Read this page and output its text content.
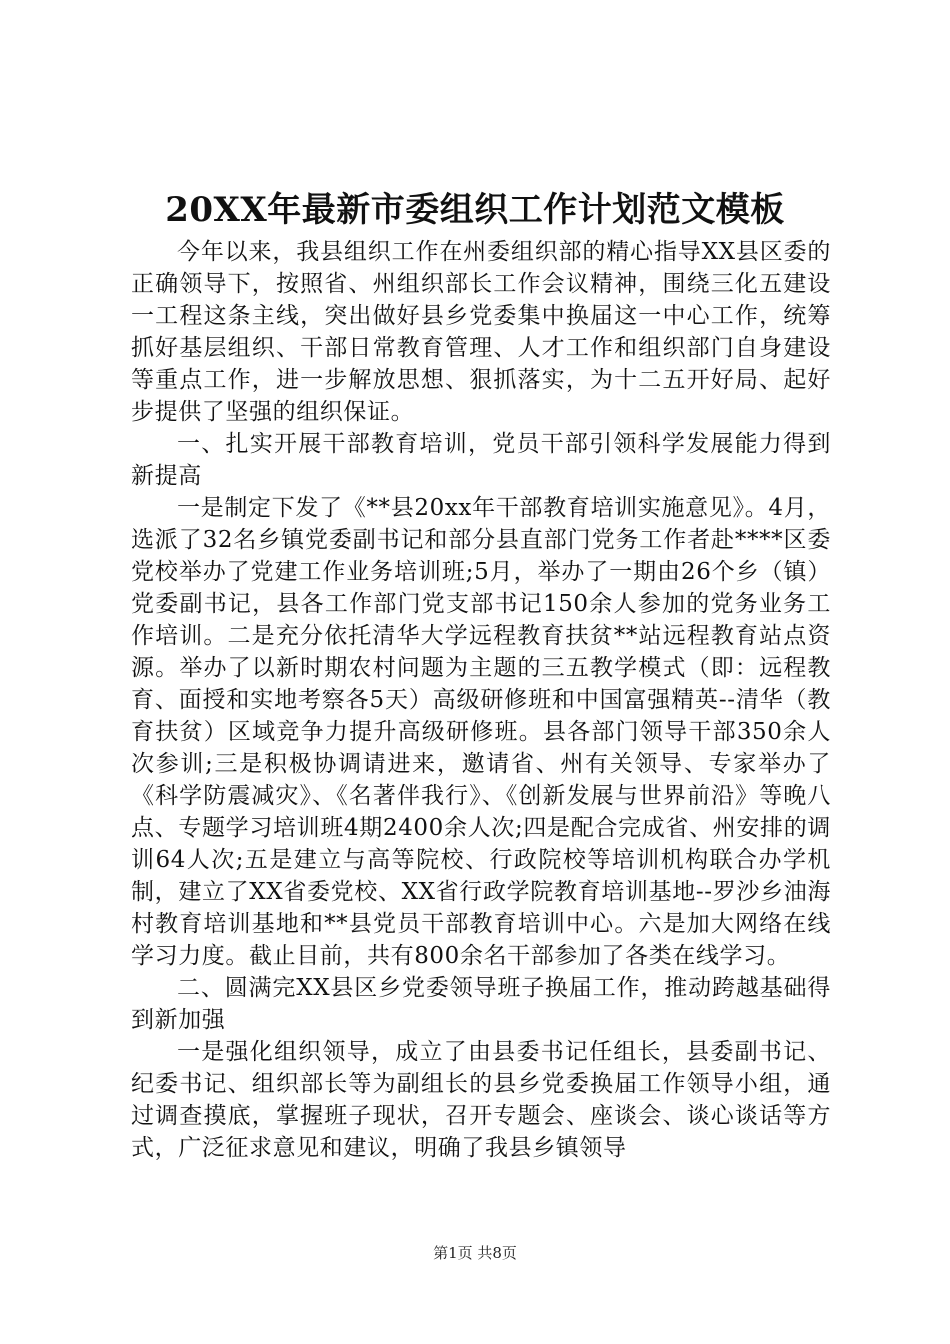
20XX年最新市委组织工作计划范文模板

今年以来，我县组织工作在州委组织部的精心指导XX县区委的正确领导下，按照省、州组织部长工作会议精神，围绕三化五建设一工程这条主线，突出做好县乡党委集中换届这一中心工作，统筹抓好基层组织、干部日常教育管理、人才工作和组织部门自身建设等重点工作，进一步解放思想、狠抓落实，为十二五开好局、起好步提供了坚强的组织保证。

一、扎实开展干部教育培训，党员干部引领科学发展能力得到新提高

一是制定下发了《**县20xx年干部教育培训实施意见》。4月，选派了32名乡镇党委副书记和部分县直部门党务工作者赴****区委党校举办了党建工作业务培训班;5月，举办了一期由26个乡（镇）党委副书记，县各工作部门党支部书记150余人参加的党务业务工作培训。二是充分依托清华大学远程教育扶贫**站远程教育站点资源。举办了以新时期农村问题为主题的三五教学模式（即：远程教育、面授和实地考察各5天）高级研修班和中国富强精英--清华（教育扶贫）区域竞争力提升高级研修班。县各部门领导干部350余人次参训;三是积极协调请进来，邀请省、州有关领导、专家举办了《科学防震减灾》、《名著伴我行》、《创新发展与世界前沿》等晚八点、专题学习培训班4期2400余人次;四是配合完成省、州安排的调训64人次;五是建立与高等院校、行政院校等培训机构联合办学机制，建立了XX省委党校、XX省行政学院教育培训基地--罗沙乡油海村教育培训基地和**县党员干部教育培训中心。六是加大网络在线学习力度。截止目前，共有800余名干部参加了各类在线学习。

二、圆满完XX县区乡党委领导班子换届工作，推动跨越基础得到新加强

一是强化组织领导，成立了由县委书记任组长，县委副书记、纪委书记、组织部长等为副组长的县乡党委换届工作领导小组，通过调查摸底，掌握班子现状，召开专题会、座谈会、谈心谈话等方式，广泛征求意见和建议，明确了我县乡镇领导

第1页 共8页
